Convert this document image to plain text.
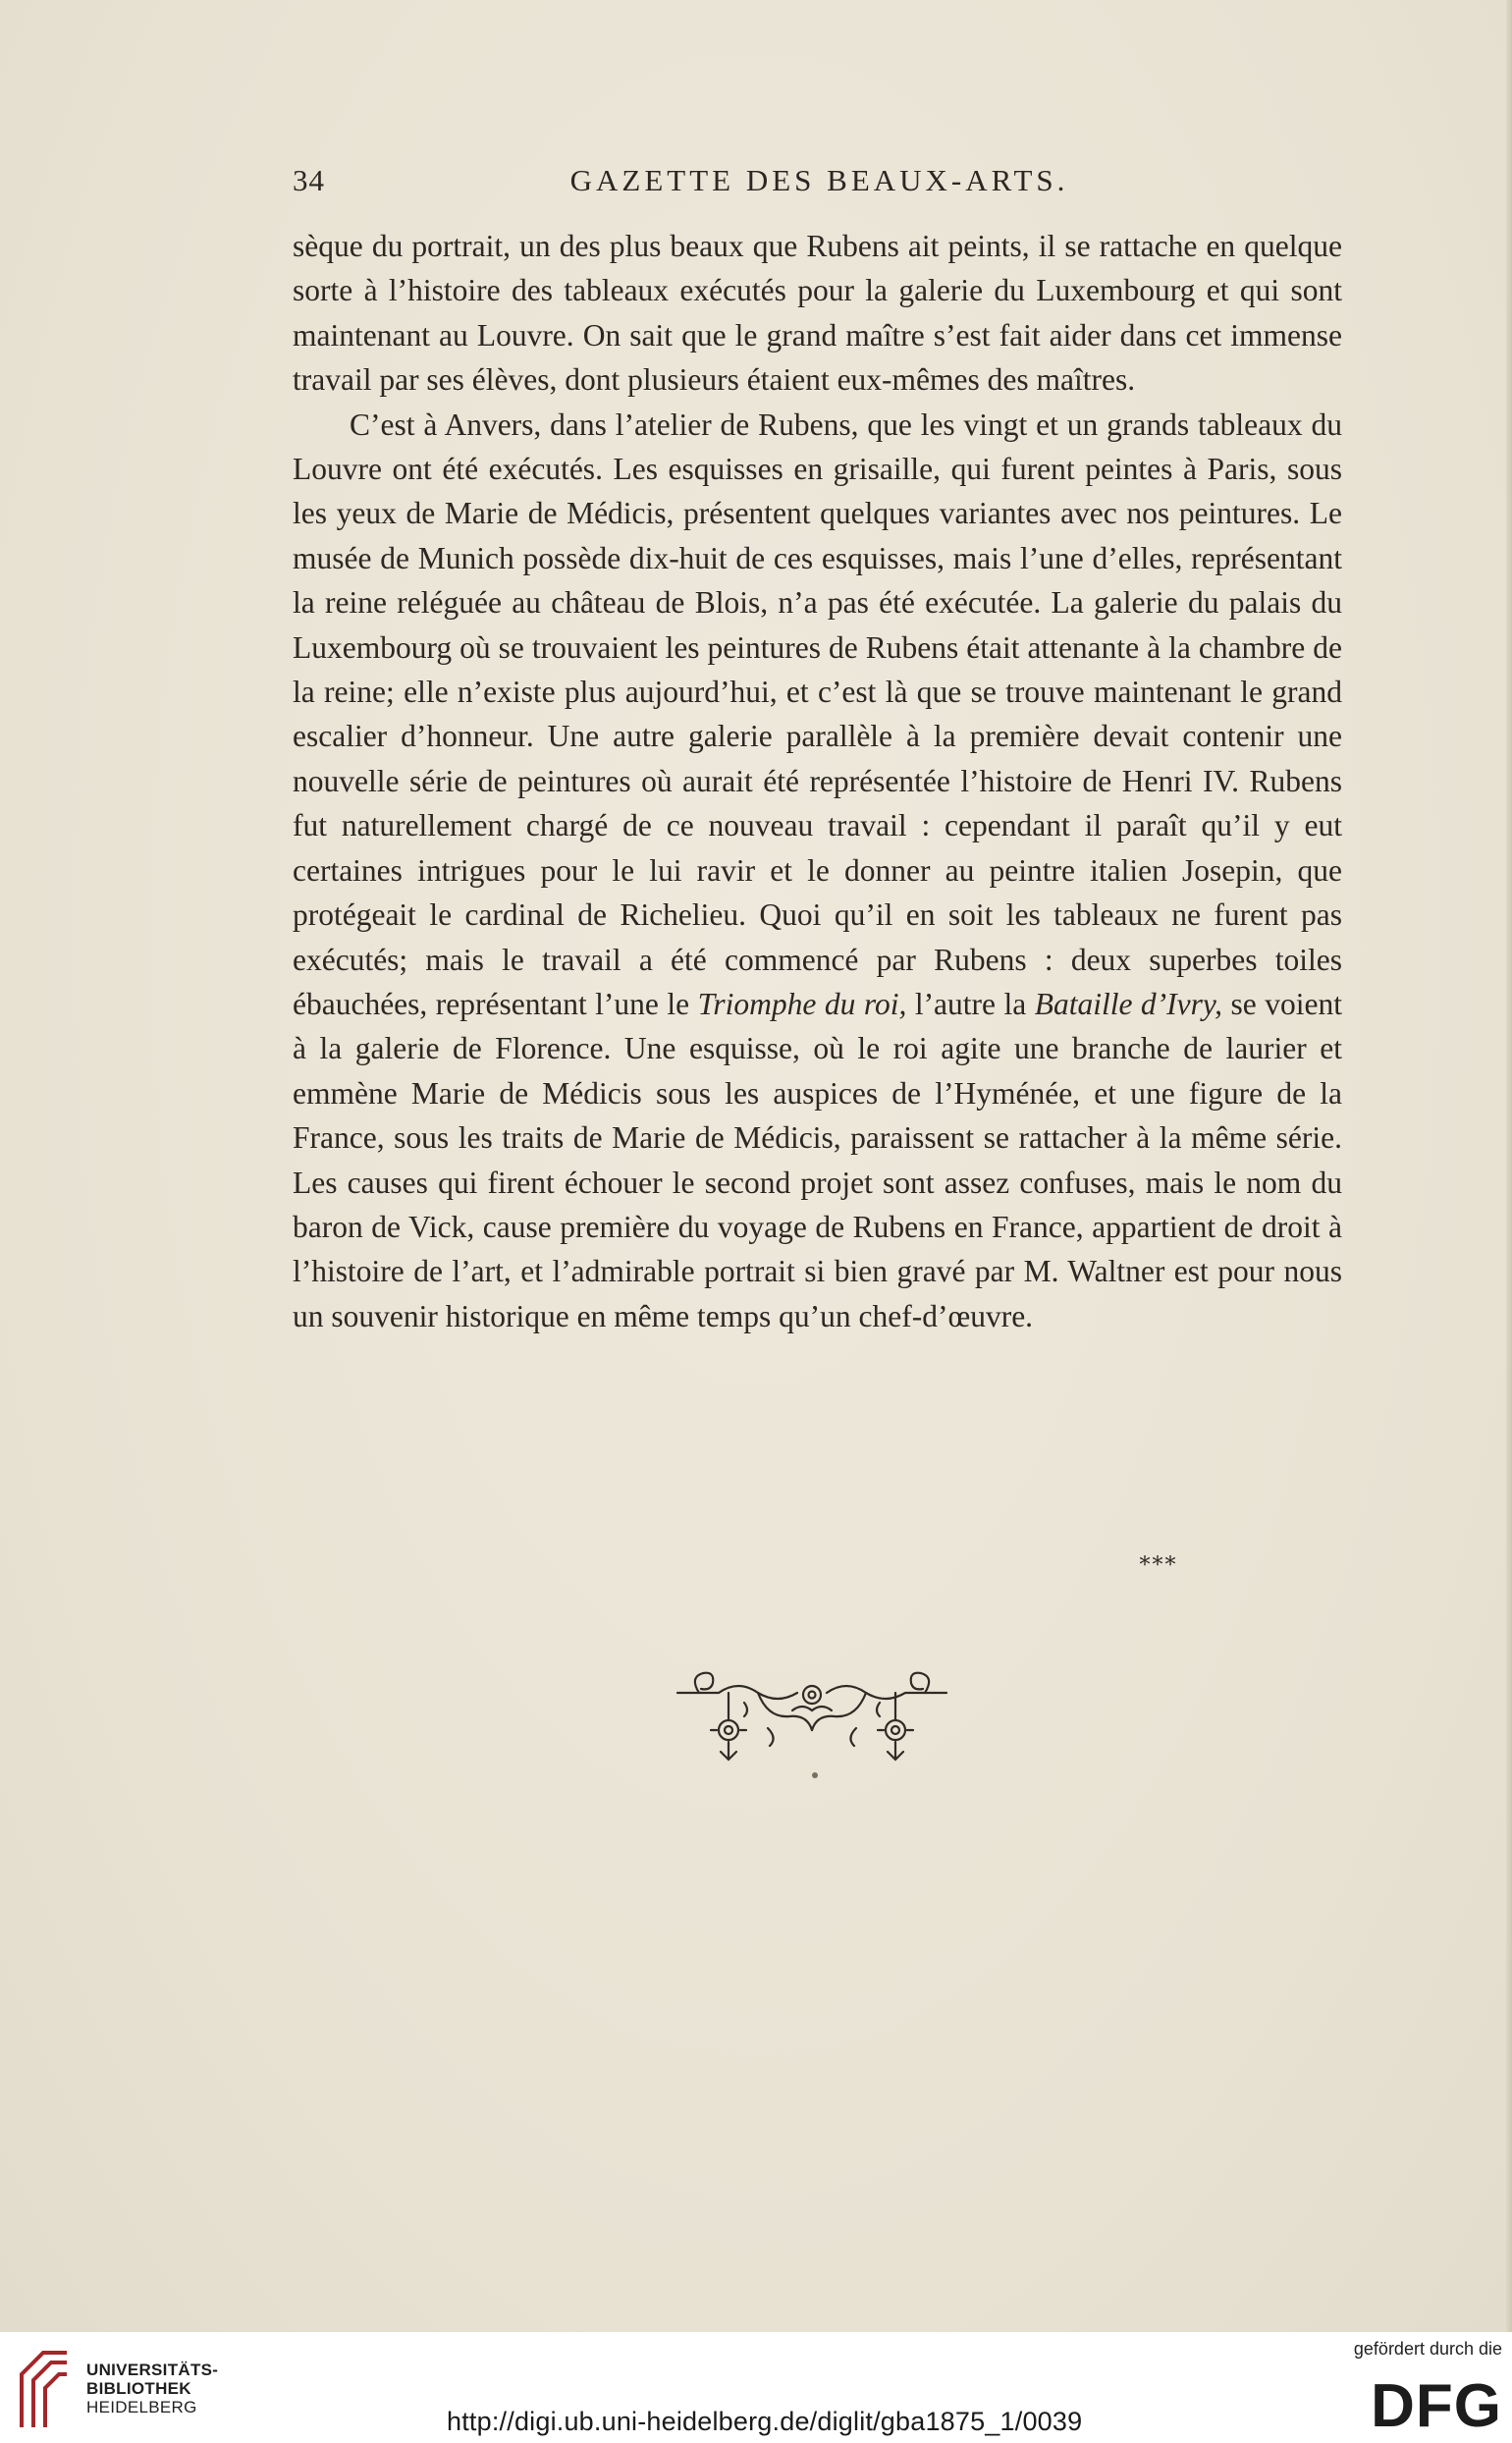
34	GAZETTE DES BEAUX-ARTS.

sèque du portrait, un des plus beaux que Rubens ait peints, il se rattache en quelque sorte à l’histoire des tableaux exécutés pour la galerie du Luxembourg et qui sont maintenant au Louvre. On sait que le grand maître s’est fait aider dans cet immense travail par ses élèves, dont plusieurs étaient eux-mêmes des maîtres.

C’est à Anvers, dans l’atelier de Rubens, que les vingt et un grands tableaux du Louvre ont été exécutés. Les esquisses en grisaille, qui furent peintes à Paris, sous les yeux de Marie de Médicis, présentent quelques variantes avec nos peintures. Le musée de Munich possède dix-huit de ces esquisses, mais l’une d’elles, représentant la reine reléguée au château de Blois, n’a pas été exécutée. La galerie du palais du Luxembourg où se trouvaient les peintures de Rubens était attenante à la chambre de la reine; elle n’existe plus aujourd’hui, et c’est là que se trouve maintenant le grand escalier d’honneur. Une autre galerie parallèle à la première devait contenir une nouvelle série de peintures où aurait été représentée l’histoire de Henri IV. Rubens fut naturellement chargé de ce nouveau travail : cependant il paraît qu’il y eut certaines intrigues pour le lui ravir et le donner au peintre italien Josepin, que protégeait le cardinal de Richelieu. Quoi qu’il en soit les tableaux ne furent pas exécutés; mais le travail a été commencé par Rubens : deux superbes toiles ébauchées, représentant l’une le Triomphe du roi, l’autre la Bataille d’Ivry, se voient à la galerie de Florence. Une esquisse, où le roi agite une branche de laurier et emmène Marie de Médicis sous les auspices de l’Hyménée, et une figure de la France, sous les traits de Marie de Médicis, paraissent se rattacher à la même série. Les causes qui firent échouer le second projet sont assez confuses, mais le nom du baron de Vick, cause première du voyage de Rubens en France, appartient de droit à l’histoire de l’art, et l’admirable portrait si bien gravé par M. Waltner est pour nous un souvenir historique en même temps qu’un chef-d’œuvre.

***
UNIVERSITÄTS-
BIBLIOTHEK
HEIDELBERG	http://digi.ub.uni-heidelberg.de/diglit/gba1875_1/0039
gefördert durch die
DFG
